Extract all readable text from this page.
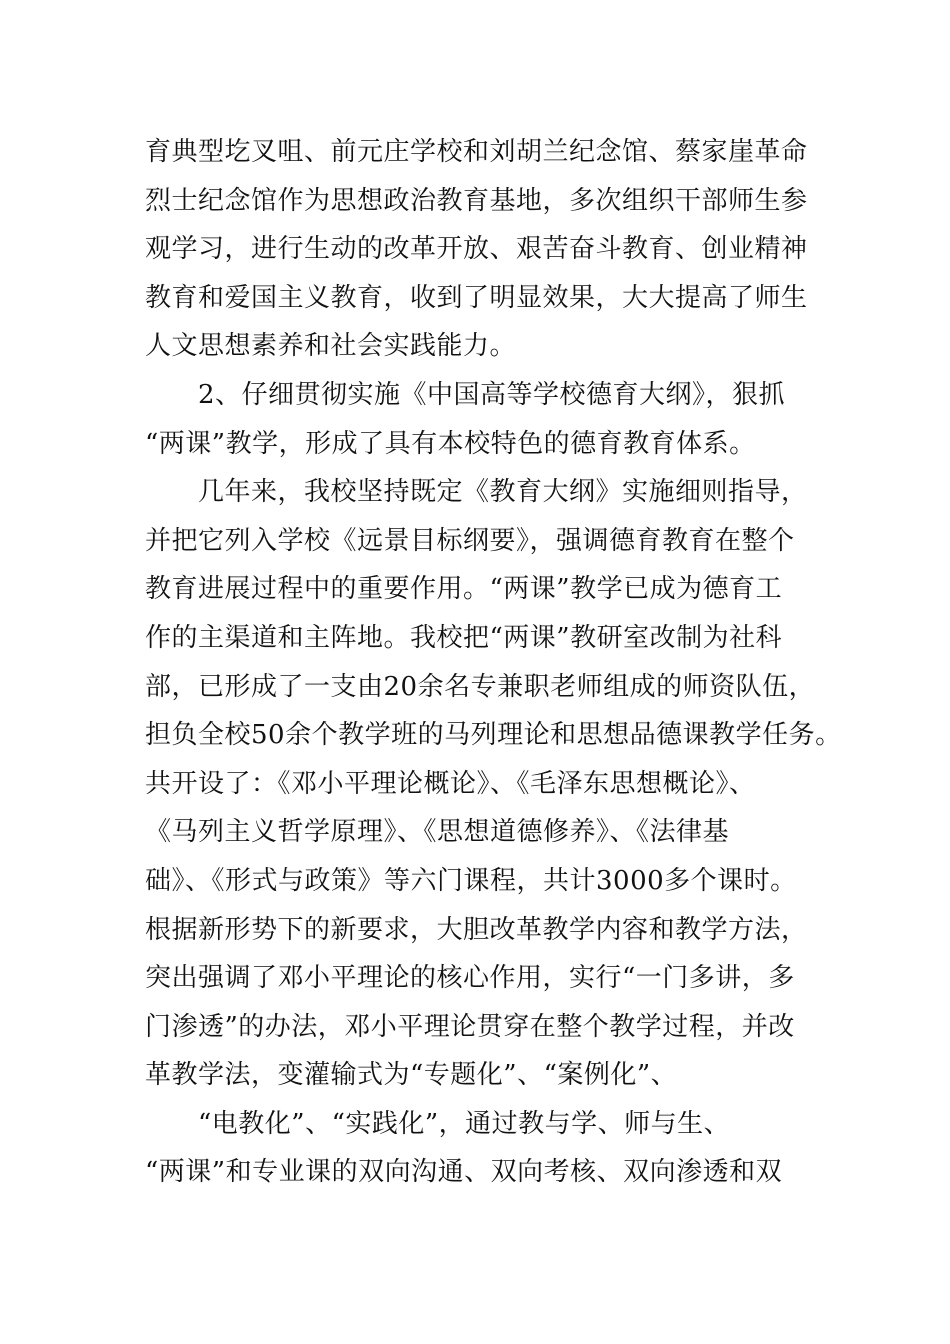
育典型圪叉咀、前元庄学校和刘胡兰纪念馆、蔡家崖革命
烈士纪念馆作为思想政治教育基地，多次组织干部师生参
观学习，进行生动的改革开放、艰苦奋斗教育、创业精神
教育和爱国主义教育，收到了明显效果，大大提高了师生
人文思想素养和社会实践能力。
　　2、仔细贯彻实施《中国高等学校德育大纲》，狠抓
“两课”教学，形成了具有本校特色的德育教育体系。
　　几年来，我校坚持既定《教育大纲》实施细则指导，
并把它列入学校《远景目标纲要》，强调德育教育在整个
教育进展过程中的重要作用。“两课”教学已成为德育工
作的主渠道和主阵地。我校把“两课”教研室改制为社科
部，已形成了一支由20余名专兼职老师组成的师资队伍，
担负全校50余个教学班的马列理论和思想品德课教学任务。
共开设了：《邓小平理论概论》、《毛泽东思想概论》、
《马列主义哲学原理》、《思想道德修养》、《法律基
础》、《形式与政策》等六门课程，共计3000多个课时。
根据新形势下的新要求，大胆改革教学内容和教学方法，
突出强调了邓小平理论的核心作用，实行“一门多讲，多
门渗透”的办法，邓小平理论贯穿在整个教学过程，并改
革教学法，变灌输式为“专题化”、“案例化”、
　　“电教化”、“实践化”，通过教与学、师与生、
“两课”和专业课的双向沟通、双向考核、双向渗透和双
